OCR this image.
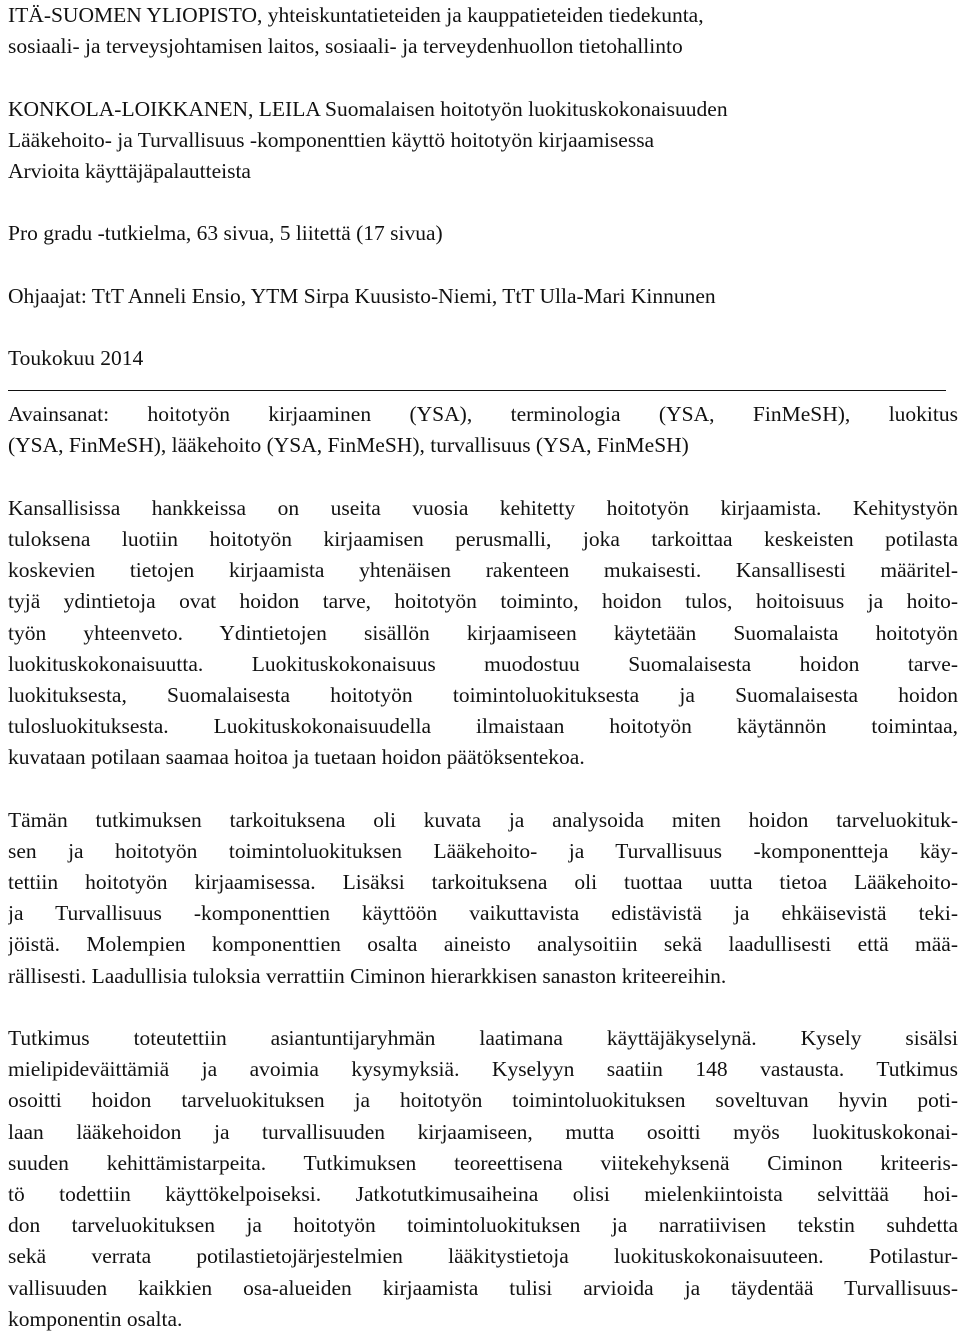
ITÄ-SUOMEN YLIOPISTO, yhteiskuntatieteiden ja kauppatieteiden tiedekunta,
sosiaali- ja terveysjohtamisen laitos, sosiaali- ja terveydenhuollon tietohallinto
KONKOLA-LOIKKANEN, LEILA Suomalaisen hoitotyön luokituskokonaisuuden
Lääkehoito- ja Turvallisuus -komponenttien käyttö hoitotyön kirjaamisessa
Arvioita käyttäjäpalautteista
Pro gradu -tutkielma, 63 sivua, 5 liitettä (17 sivua)
Ohjaajat: TtT Anneli Ensio, YTM Sirpa Kuusisto-Niemi, TtT Ulla-Mari Kinnunen
Toukokuu 2014
Avainsanat: hoitotyön kirjaaminen (YSA), terminologia (YSA, FinMeSH), luokitus
(YSA, FinMeSH), lääkehoito (YSA, FinMeSH), turvallisuus (YSA, FinMeSH)
Kansallisissa hankkeissa on useita vuosia kehitetty hoitotyön kirjaamista. Kehitystyön
tuloksena luotiin hoitotyön kirjaamisen perusmalli, joka tarkoittaa keskeisten potilasta
koskevien tietojen kirjaamista yhtenäisen rakenteen mukaisesti. Kansallisesti määritel-
tyjä ydintietoja ovat hoidon tarve, hoitotyön toiminto, hoidon tulos, hoitoisuus ja hoito-
työn yhteenveto. Ydintietojen sisällön kirjaamiseen käytetään Suomalaista hoitotyön
luokituskokonaisuutta. Luokituskokonaisuus muodostuu Suomalaisesta hoidon tarve-
luokituksesta, Suomalaisesta hoitotyön toimintoluokituksesta ja Suomalaisesta hoidon
tulosluokituksesta. Luokituskokonaisuudella ilmaistaan hoitotyön käytännön toimintaa,
kuvataan potilaan saamaa hoitoa ja tuetaan hoidon päätöksentekoa.
Tämän tutkimuksen tarkoituksena oli kuvata ja analysoida miten hoidon tarveluokituk-
sen ja hoitotyön toimintoluokituksen Lääkehoito- ja Turvallisuus -komponentteja käy-
tettiin hoitotyön kirjaamisessa. Lisäksi tarkoituksena oli tuottaa uutta tietoa Lääkehoito-
ja Turvallisuus -komponenttien käyttöön vaikuttavista edistävistä ja ehkäisevistä teki-
jöistä. Molempien komponenttien osalta aineisto analysoitiin sekä laadullisesti että mää-
rällisesti. Laadullisia tuloksia verrattiin Ciminon hierarkkisen sanaston kriteereihin.
Tutkimus toteutettiin asiantuntijaryhmän laatimana käyttäjäkyselynä. Kysely sisälsi
mielipideväittämiä ja avoimia kysymyksiä. Kyselyyn saatiin 148 vastausta. Tutkimus
osoitti hoidon tarveluokituksen ja hoitotyön toimintoluokituksen soveltuvan hyvin poti-
laan lääkehoidon ja turvallisuuden kirjaamiseen, mutta osoitti myös luokituskokonai-
suuden kehittämistarpeita. Tutkimuksen teoreettisena viitekehyksenä Ciminon kriteeris-
tö todettiin käyttökelpoiseksi. Jatkotutkimusaiheina olisi mielenkiintoista selvittää hoi-
don tarveluokituksen ja hoitotyön toimintoluokituksen ja narratiivisen tekstin suhdetta
sekä verrata potilastietojärjestelmien lääkitystietoja luokituskokonaisuuteen. Potilastur-
vallisuuden kaikkien osa-alueiden kirjaamista tulisi arvioida ja täydentää Turvallisuus-
komponentin osalta.
